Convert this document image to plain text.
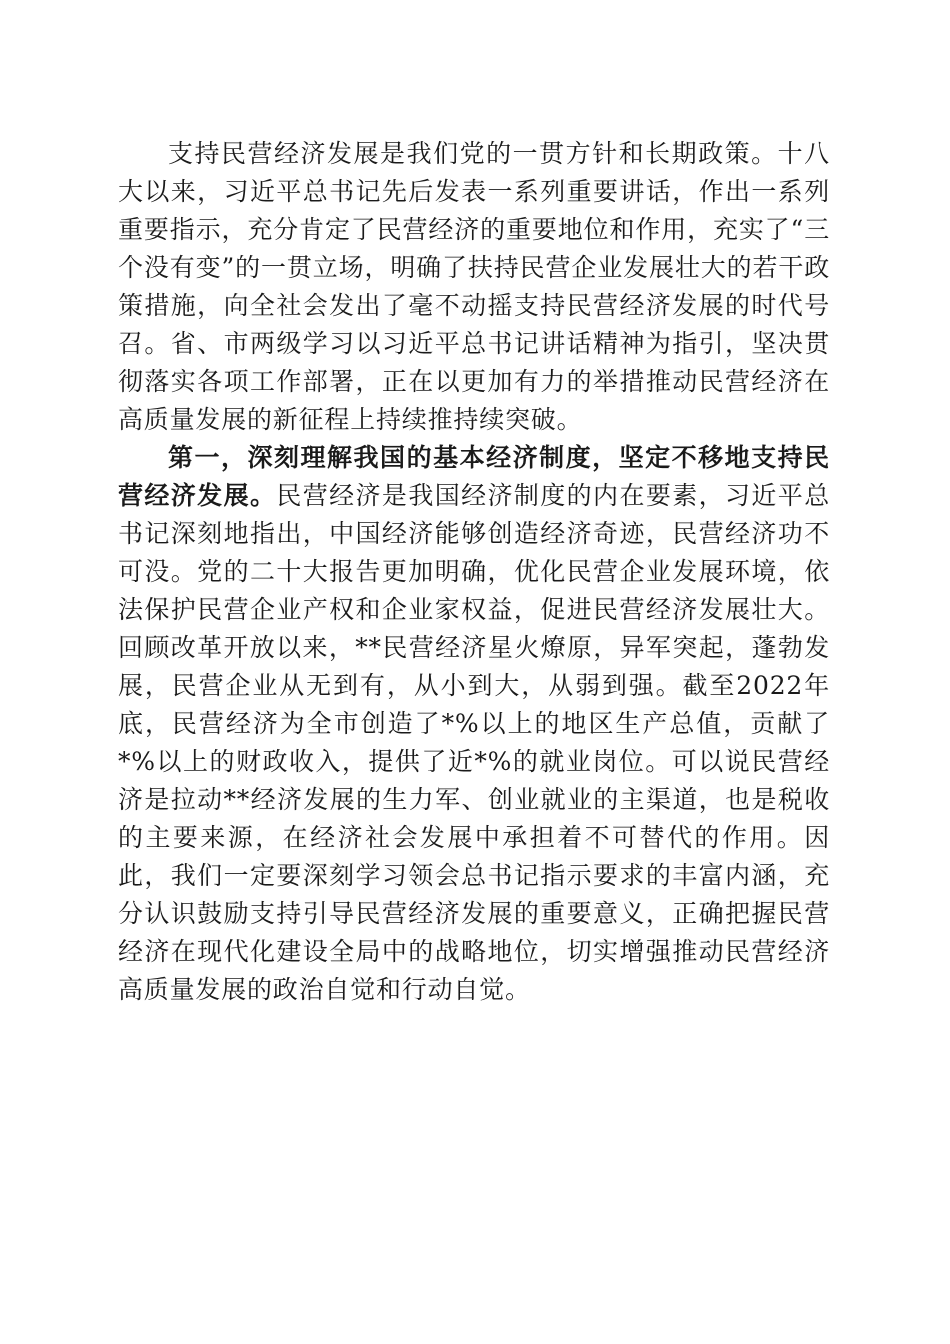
支持民营经济发展是我们党的一贯方针和长期政策。十八大以来，习近平总书记先后发表一系列重要讲话，作出一系列重要指示，充分肯定了民营经济的重要地位和作用，充实了“三个没有变”的一贯立场，明确了扶持民营企业发展壮大的若干政策措施，向全社会发出了毫不动摇支持民营经济发展的时代号召。省、市两级学习以习近平总书记讲话精神为指引，坚决贯彻落实各项工作部署，正在以更加有力的举措推动民营经济在高质量发展的新征程上持续推持续突破。

第一，深刻理解我国的基本经济制度，坚定不移地支持民营经济发展。民营经济是我国经济制度的内在要素，习近平总书记深刻地指出，中国经济能够创造经济奇迹，民营经济功不可没。党的二十大报告更加明确，优化民营企业发展环境，依法保护民营企业产权和企业家权益，促进民营经济发展壮大。回顾改革开放以来，**民营经济星火燎原，异军突起，蓬勃发展，民营企业从无到有，从小到大，从弱到强。截至2022年底，民营经济为全市创造了*%以上的地区生产总值，贡献了*%以上的财政收入，提供了近*%的就业岗位。可以说民营经济是拉动**经济发展的生力军、创业就业的主渠道，也是税收的主要来源，在经济社会发展中承担着不可替代的作用。因此，我们一定要深刻学习领会总书记指示要求的丰富内涵，充分认识鼓励支持引导民营经济发展的重要意义，正确把握民营经济在现代化建设全局中的战略地位，切实增强推动民营经济高质量发展的政治自觉和行动自觉。
